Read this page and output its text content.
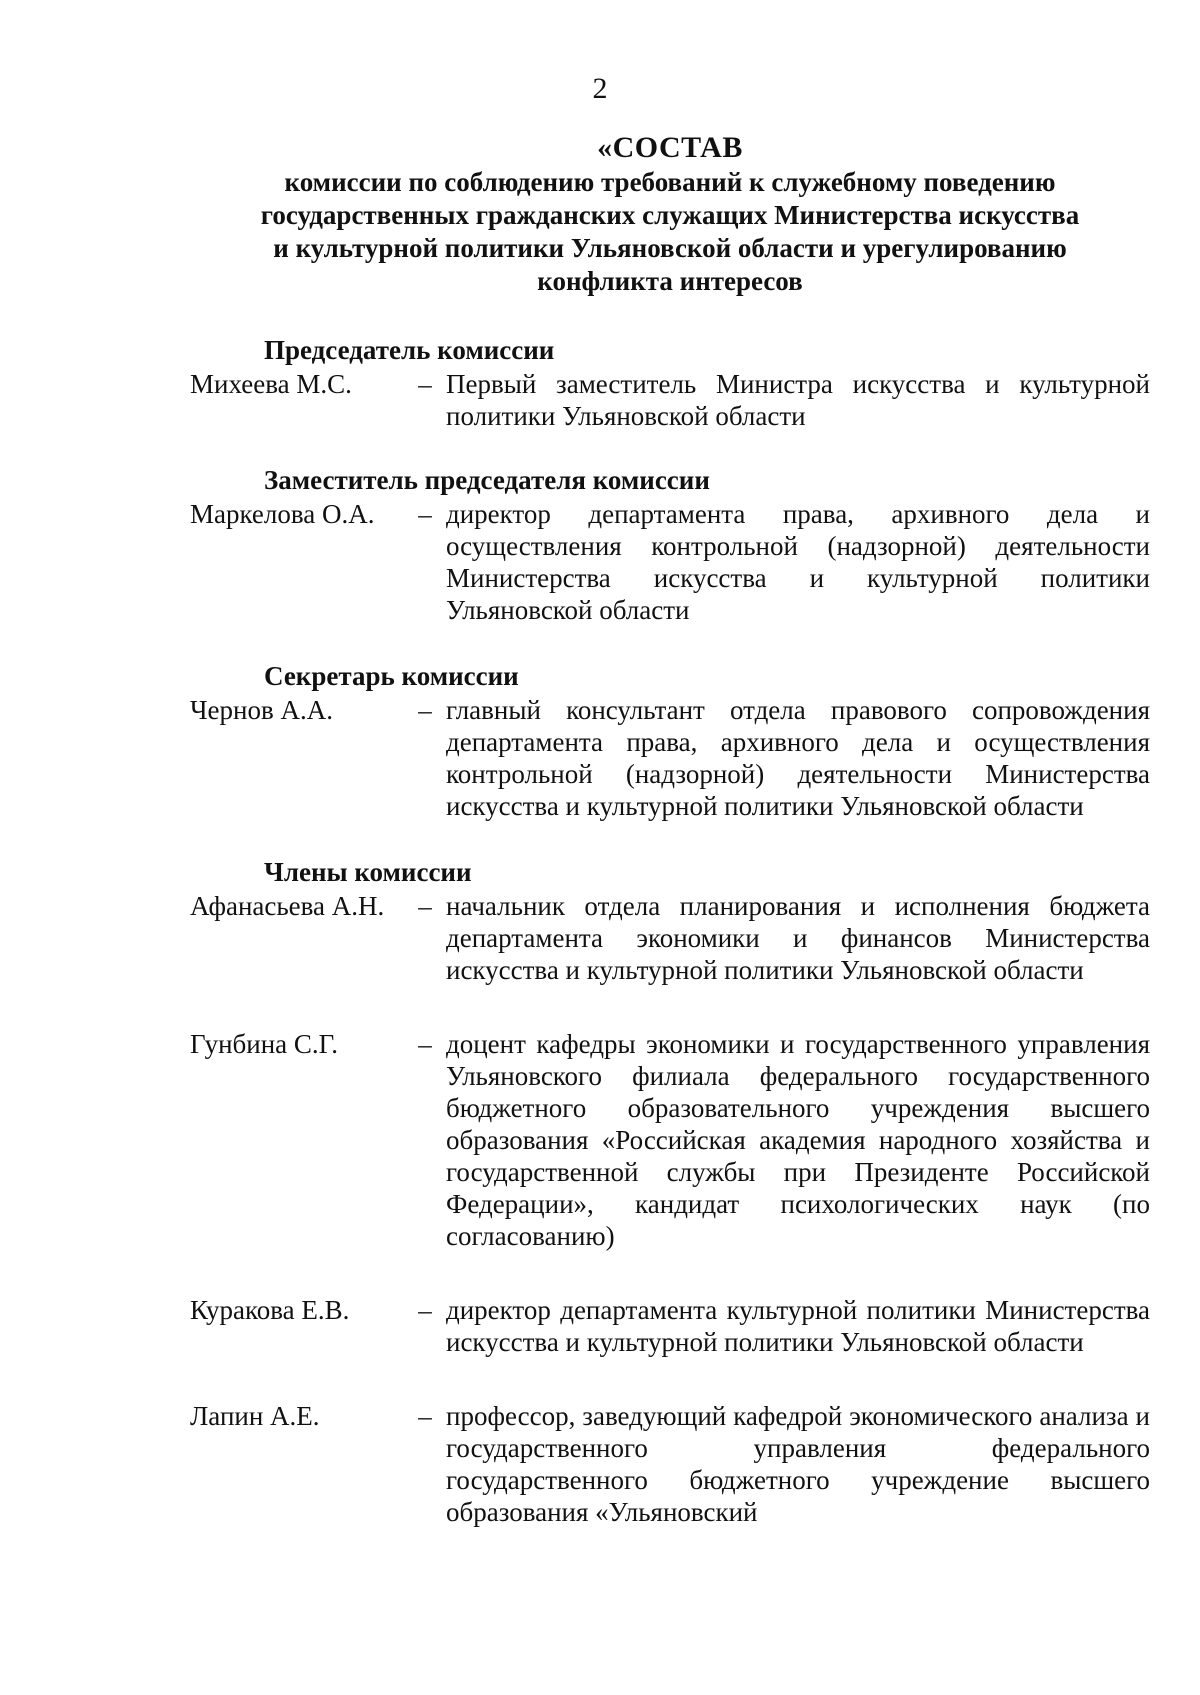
2
«СОСТАВ
комиссии по соблюдению требований к служебному поведению
государственных гражданских служащих Министерства искусства
и культурной политики Ульяновской области и урегулированию
конфликта интересов
Председатель комиссии
Михеева М.С.	– Первый заместитель Министра искусства и культурной политики Ульяновской области
Заместитель председателя комиссии
Маркелова О.А.	– директор департамента права, архивного дела и осуществления контрольной (надзорной) деятельности Министерства искусства и культурной политики Ульяновской области
Секретарь комиссии
Чернов А.А.	– главный консультант отдела правового сопровождения департамента права, архивного дела и осуществления контрольной (надзорной) деятельности Министерства искусства и культурной политики Ульяновской области
Члены комиссии
Афанасьева А.Н.	– начальник отдела планирования и исполнения бюджета департамента экономики и финансов Министерства искусства и культурной политики Ульяновской области
Гунбина С.Г.	– доцент кафедры экономики и государственного управления Ульяновского филиала федерального государственного бюджетного образовательного учреждения высшего образования «Российская академия народного хозяйства и государственной службы при Президенте Российской Федерации», кандидат психологических наук (по согласованию)
Куракова Е.В.	– директор департамента культурной политики Министерства искусства и культурной политики Ульяновской области
Лапин А.Е.	– профессор, заведующий кафедрой экономического анализа и государственного управления федерального государственного бюджетного учреждение высшего образования «Ульяновский
